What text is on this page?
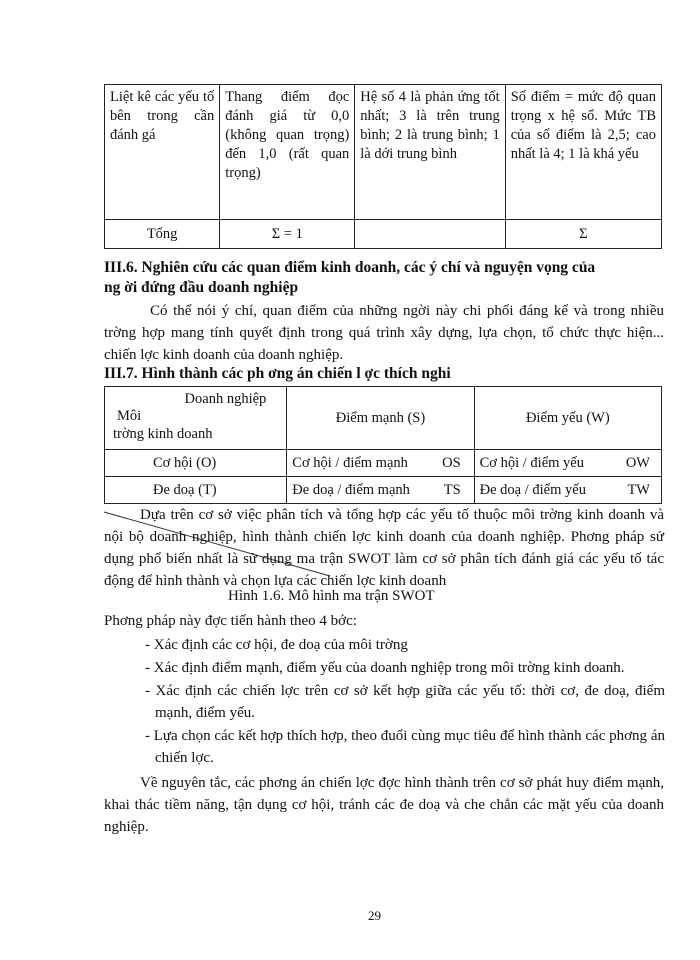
Liệt kê các yếu tố bên trong cần đánh gá	Thang điểm đọc đánh giá từ 0,0 (không quan trọng) đến 1,0 (rất quan trọng)	Hệ số 4 là phản ứng tốt nhất; 3 là trên trung bình; 2 là trung bình; 1 là dới trung bình	Số điểm = mức độ quan trọng x hệ số. Mức TB của số điểm là 2,5; cao nhất là 4; 1 là khá yếu
Tổng	Σ = 1		Σ
III.6. Nghiên cứu các quan điểm kinh doanh, các ý chí và nguyện vọng của
ng ời đứng đầu doanh nghiệp
Có thể nói ý chí, quan điểm của những ngời này chi phối đáng kể và trong nhiều trờng hợp mang tính quyết định trong quá trình xây dựng, lựa chọn, tổ chức thực hiện... chiến lợc kinh doanh của doanh nghiệp.
III.7. Hình thành các ph ơng án chiến l ợc thích nghi
Doanh nghiệp
Môi
trờng kinh doanh	Điểm mạnh (S)	Điểm yếu (W)
Cơ hội (O)	Cơ hội / điểm mạnh OS	Cơ hội / điểm yếu OW

Đe doạ (T)	Đe doạ / điểm mạnh TS	Đe doạ / điểm yếu TW
Dựa trên cơ sở việc phân tích và tổng hợp các yếu tố thuộc môi trờng kinh doanh và nội bộ doanh nghiệp, hình thành chiến lợc kinh doanh của doanh nghiệp. Phơng pháp sử dụng phổ biến nhất là sử dụng ma trận SWOT làm cơ sở phân tích đánh giá các yếu tố tác động để hình thành và chọn lựa các chiến lợc kinh doanh
Hình 1.6. Mô hình ma trận SWOT
Phơng pháp này đợc tiến hành theo 4 bớc:
- Xác định các cơ hội, đe doạ của môi trờng
- Xác định điểm mạnh, điểm yếu của doanh nghiệp trong môi trờng kinh doanh.
- Xác định các chiến lợc trên cơ sở kết hợp giữa các yếu tố: thời cơ, đe doạ, điểm mạnh, điểm yếu.
- Lựa chọn các kết hợp thích hợp, theo đuổi cùng mục tiêu để hình thành các phơng án chiến lợc.
Về nguyên tắc, các phơng án chiến lợc đợc hình thành trên cơ sở phát huy điểm mạnh, khai thác tiềm năng, tận dụng cơ hội, tránh các đe doạ và che chắn các mặt yếu của doanh nghiệp.
29
